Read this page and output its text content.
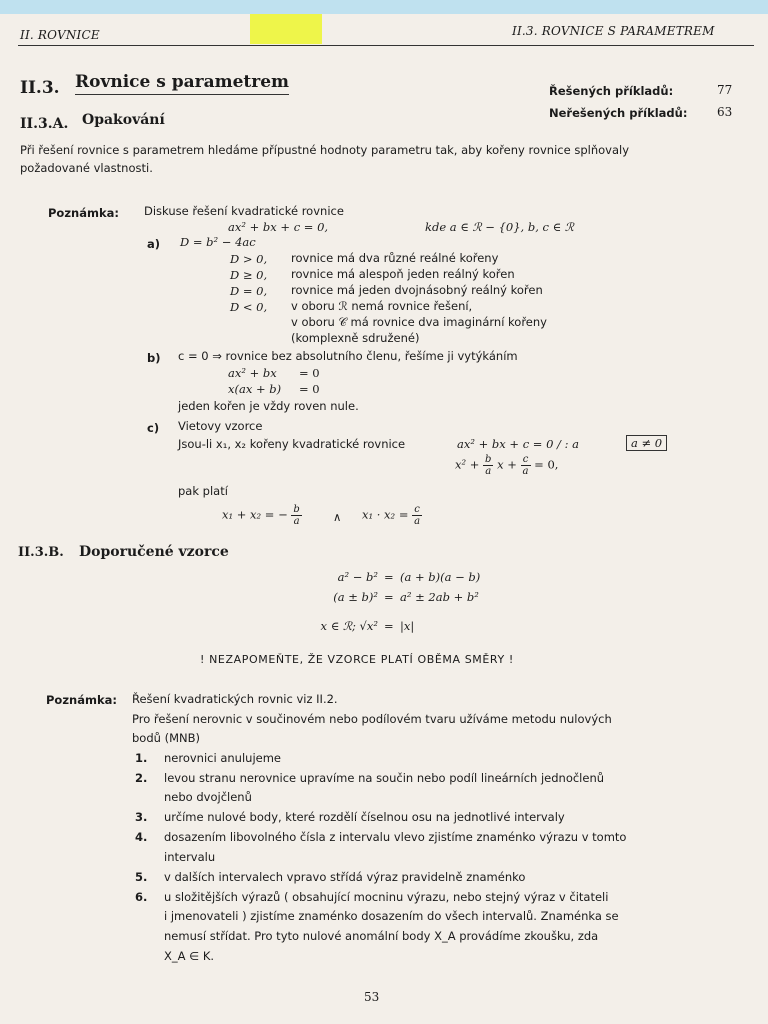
II. ROVNICE	II.3. ROVNICE S PARAMETREM
II.3. Rovnice s parametrem	Řešených příkladů:	77
Neřešených příkladů: 63
II.3.A. Opakování
Při řešení rovnice s parametrem hledáme přípustné hodnoty parametru tak, aby kořeny rovnice splňovaly
požadované vlastnosti.
Poznámka: Diskuse řešení kvadratické rovnice
ax² + bx + c = 0,	kde a ∈ ℛ − {0}, b, c ∈ ℛ
a) D = b² − 4ac
D > 0, rovnice má dva různé reálné kořeny
D ≥ 0, rovnice má alespoň jeden reálný kořen
D = 0, rovnice má jeden dvojnásobný reálný kořen
D < 0, v oboru ℛ nemá rovnice řešení,
v oboru 𝒞 má rovnice dva imaginární kořeny
(komplexně sdružené)
b) c = 0 ⇒ rovnice bez absolutního členu, řešíme ji vytýkáním
ax² + bx = 0
x(ax + b) = 0
jeden kořen je vždy roven nule.
c) Vietovy vzorce
Jsou-li x₁, x₂ kořeny kvadratické rovnice	ax² + bx + c = 0 / : a	a ≠ 0
$x^2 + \frac{b}{a}$ $x + \frac{c}{a} = 0$,
pak platí
x₁ + x₂ = − $\frac{b}{a}$	∧ $x_1 \cdot x_2 = \frac{c}{a}$
II.3.B. Doporučené vzorce
a² − b² = (a + b)(a − b)
(a ± b)² = a² ± 2ab + b²
x ∈ ℛ; √x² = |x|
! NEZAPOMEŇTE, ŽE VZORCE PLATÍ OBĚMA SMĚRY !
Poznámka: Řešení kvadratických rovnic viz II.2.
Pro řešení nerovnic v součinovém nebo podílovém tvaru užíváme metodu nulových
bodů (MNB)
1. nerovnici anulujeme
2. levou stranu nerovnice upravíme na součin nebo podíl lineárních jednočlenů
nebo dvojčlenů
3. určíme nulové body, které rozdělí číselnou osu na jednotlivé intervaly
4. dosazením libovolného čísla z intervalu vlevo zjistíme znaménko výrazu v tomto
intervalu
5. v dalších intervalech vpravo střídá výraz pravidelně znaménko
6. u složitějších výrazů ( obsahující mocninu výrazu, nebo stejný výraz v čitateli
i jmenovateli ) zjistíme znaménko dosazením do všech intervalů. Znaménka se
nemusí střídat. Pro tyto nulové anomální body X_A provádíme zkoušku, zda
X_A ∈ K.
53
